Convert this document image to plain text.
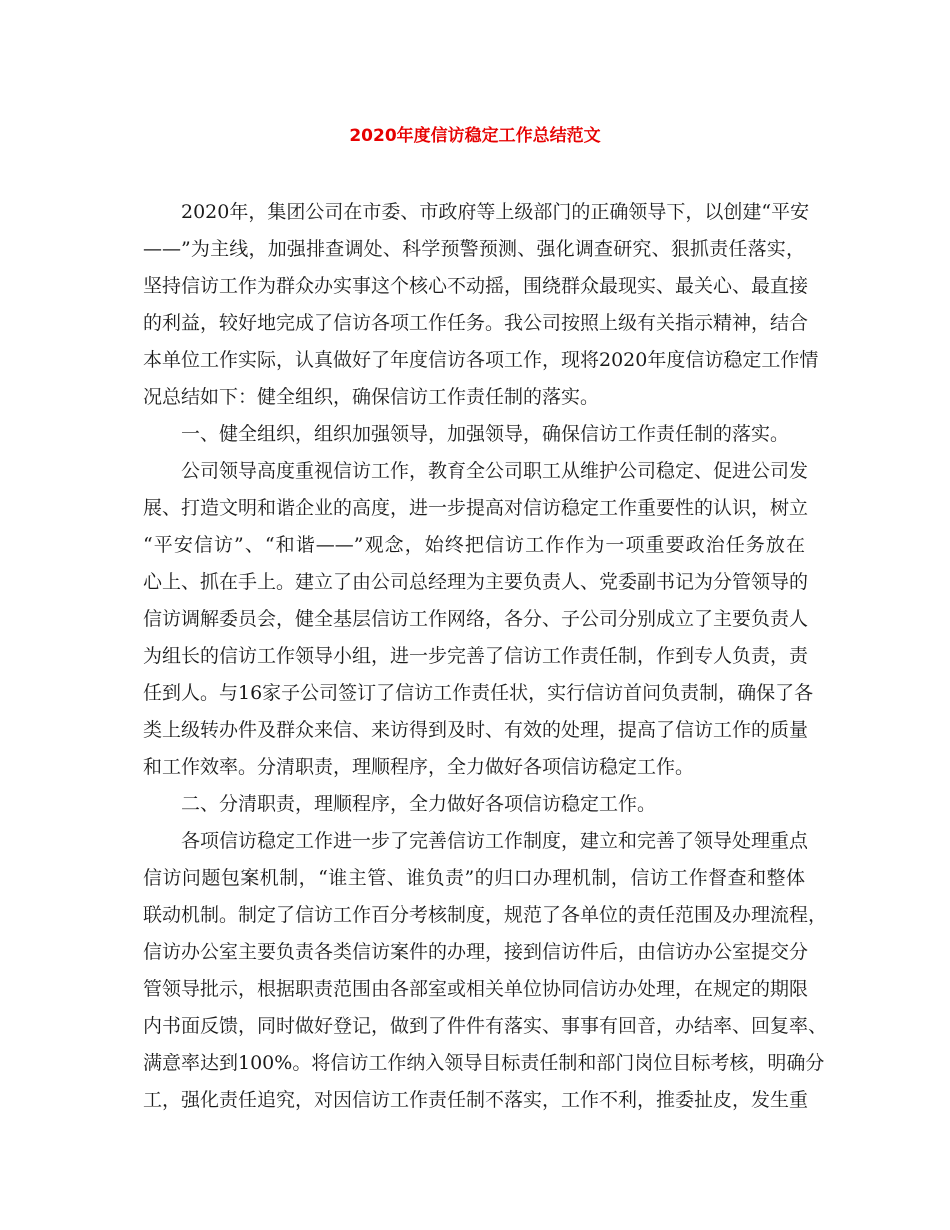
2020年度信访稳定工作总结范文

2020年，集团公司在市委、市政府等上级部门的正确领导下，以创建“平安

——”为主线，加强排查调处、科学预警预测、强化调查研究、狠抓责任落实，

坚持信访工作为群众办实事这个核心不动摇，围绕群众最现实、最关心、最直接

的利益，较好地完成了信访各项工作任务。我公司按照上级有关指示精神，结合

本单位工作实际，认真做好了年度信访各项工作，现将2020年度信访稳定工作情

况总结如下：健全组织，确保信访工作责任制的落实。

一、健全组织，组织加强领导，加强领导，确保信访工作责任制的落实。

公司领导高度重视信访工作，教育全公司职工从维护公司稳定、促进公司发

展、打造文明和谐企业的高度，进一步提高对信访稳定工作重要性的认识，树立

“平安信访”、“和谐——”观念，始终把信访工作作为一项重要政治任务放在

心上、抓在手上。建立了由公司总经理为主要负责人、党委副书记为分管领导的

信访调解委员会，健全基层信访工作网络，各分、子公司分别成立了主要负责人

为组长的信访工作领导小组，进一步完善了信访工作责任制，作到专人负责，责

任到人。与16家子公司签订了信访工作责任状，实行信访首问负责制，确保了各

类上级转办件及群众来信、来访得到及时、有效的处理，提高了信访工作的质量

和工作效率。分清职责，理顺程序，全力做好各项信访稳定工作。

二、分清职责，理顺程序，全力做好各项信访稳定工作。

各项信访稳定工作进一步了完善信访工作制度，建立和完善了领导处理重点

信访问题包案机制，“谁主管、谁负责”的归口办理机制，信访工作督查和整体

联动机制。制定了信访工作百分考核制度，规范了各单位的责任范围及办理流程，

信访办公室主要负责各类信访案件的办理，接到信访件后，由信访办公室提交分

管领导批示，根据职责范围由各部室或相关单位协同信访办处理，在规定的期限

内书面反馈，同时做好登记，做到了件件有落实、事事有回音，办结率、回复率、

满意率达到100%。将信访工作纳入领导目标责任制和部门岗位目标考核，明确分

工，强化责任追究，对因信访工作责任制不落实，工作不利，推委扯皮，发生重
